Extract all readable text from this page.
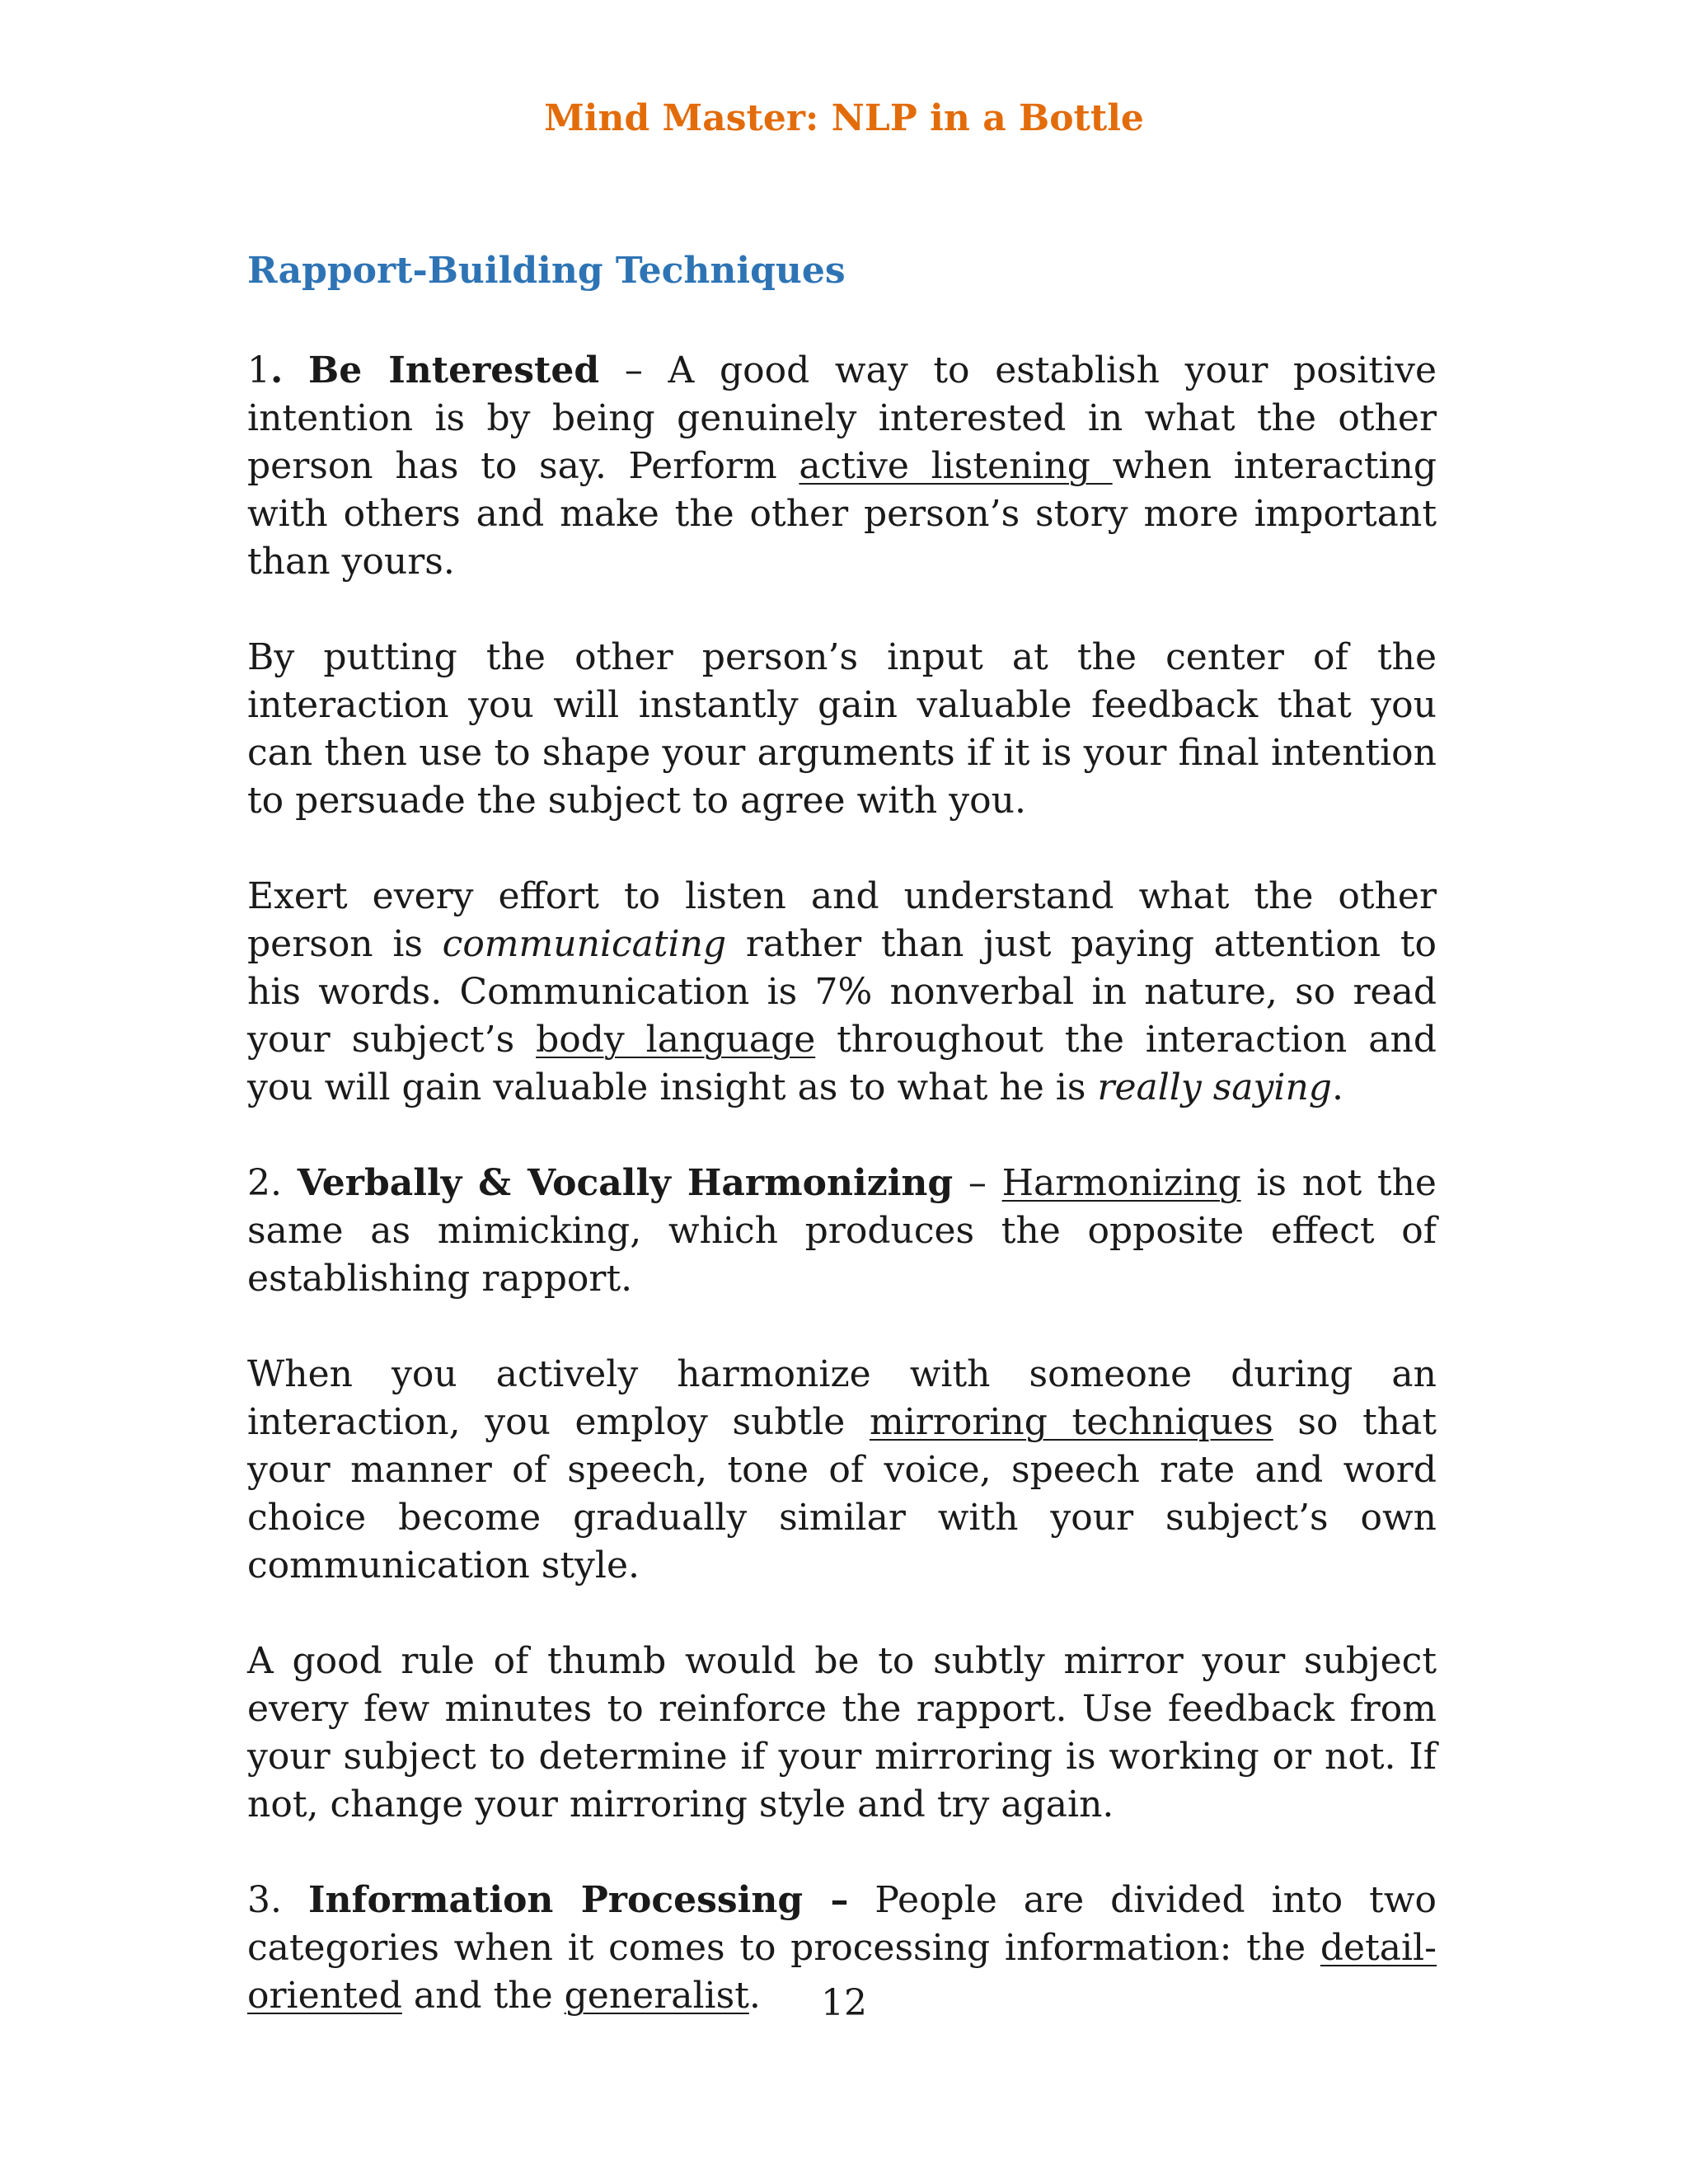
Mind Master: NLP in a Bottle
Rapport-Building Techniques

1. Be Interested – A good way to establish your positive intention is by being genuinely interested in what the other person has to say. Perform active listening when interacting with others and make the other person’s story more important than yours.

By putting the other person’s input at the center of the interaction you will instantly gain valuable feedback that you can then use to shape your arguments if it is your final intention to persuade the subject to agree with you.

Exert every effort to listen and understand what the other person is communicating rather than just paying attention to his words. Communication is 7% nonverbal in nature, so read your subject’s body language throughout the interaction and you will gain valuable insight as to what he is really saying.

2. Verbally & Vocally Harmonizing – Harmonizing is not the same as mimicking, which produces the opposite effect of establishing rapport.

When you actively harmonize with someone during an interaction, you employ subtle mirroring techniques so that your manner of speech, tone of voice, speech rate and word choice become gradually similar with your subject’s own communication style.

A good rule of thumb would be to subtly mirror your subject every few minutes to reinforce the rapport. Use feedback from your subject to determine if your mirroring is working or not. If not, change your mirroring style and try again.

3. Information Processing – People are divided into two categories when it comes to processing information: the detail-oriented and the generalist.	12
